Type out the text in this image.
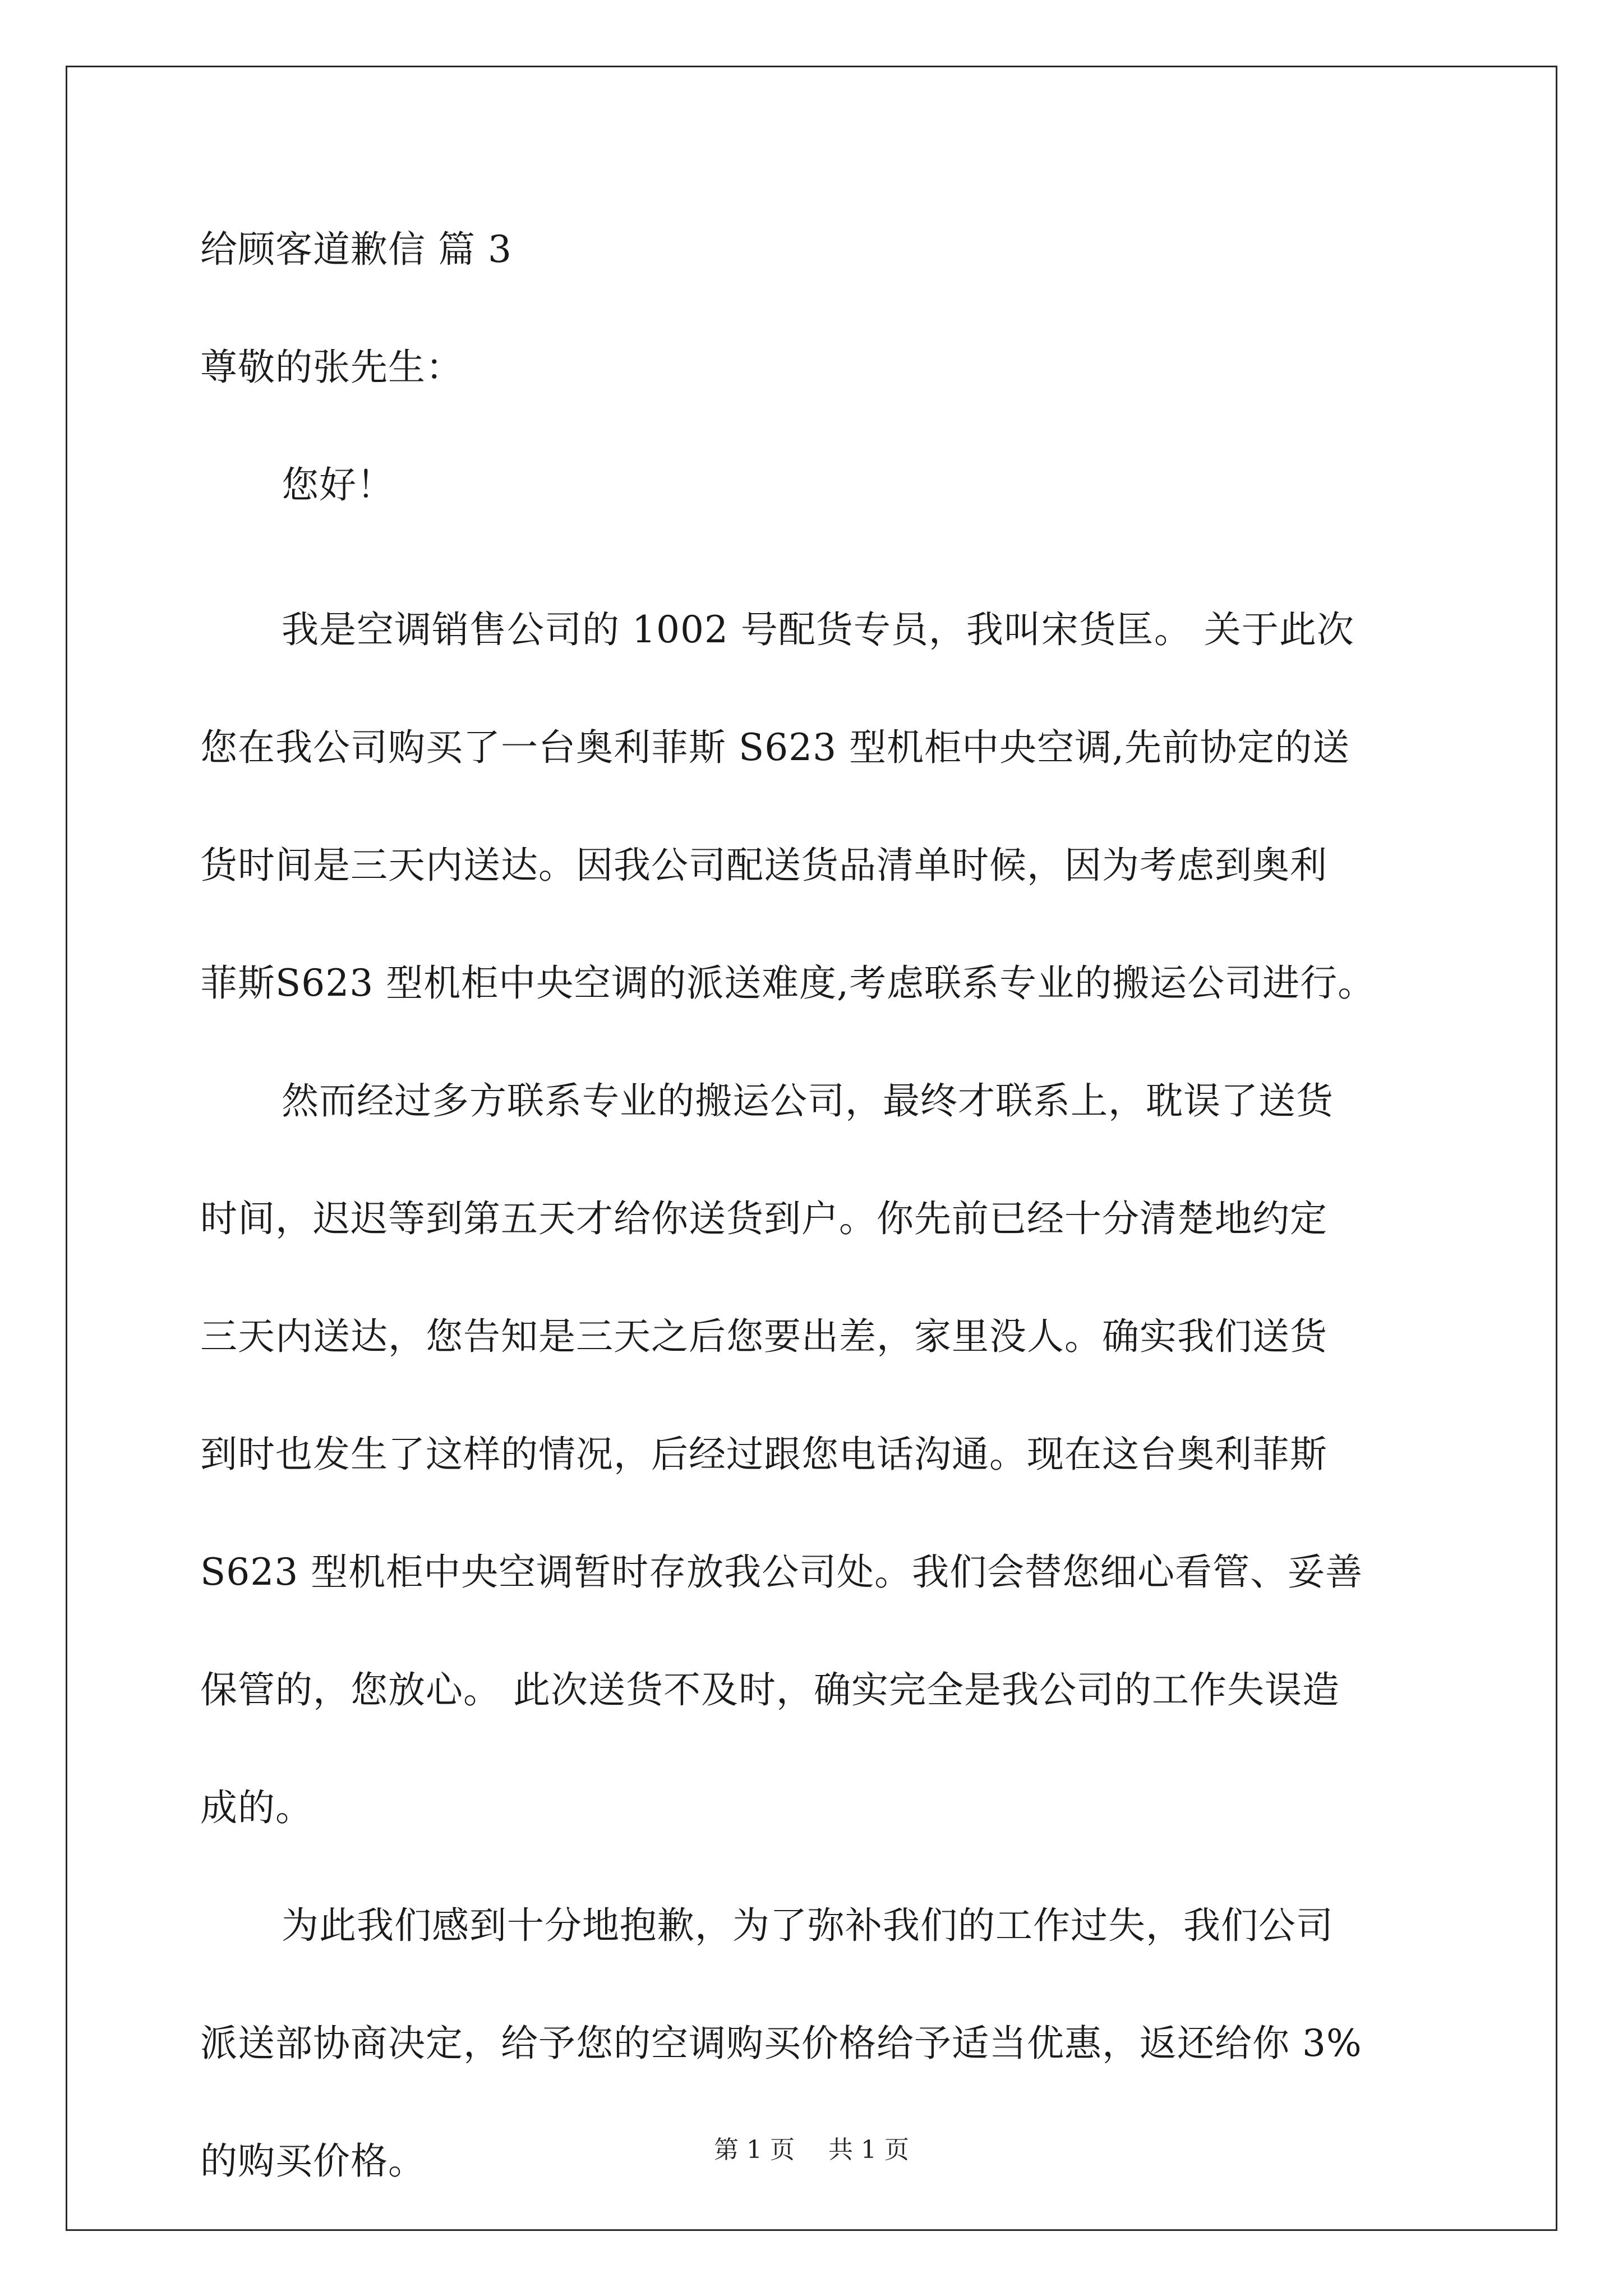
给顾客道歉信 篇 3

尊敬的张先生：

您好！

我是空调销售公司的 1002 号配货专员，我叫宋货匡。 关于此次

您在我公司购买了一台奥利菲斯 S623 型机柜中央空调,先前协定的送

货时间是三天内送达。因我公司配送货品清单时候，因为考虑到奥利

菲斯S623 型机柜中央空调的派送难度,考虑联系专业的搬运公司进行。

然而经过多方联系专业的搬运公司，最终才联系上，耽误了送货

时间，迟迟等到第五天才给你送货到户。你先前已经十分清楚地约定

三天内送达，您告知是三天之后您要出差，家里没人。确实我们送货

到时也发生了这样的情况，后经过跟您电话沟通。现在这台奥利菲斯

S623 型机柜中央空调暂时存放我公司处。我们会替您细心看管、妥善

保管的，您放心。 此次送货不及时，确实完全是我公司的工作失误造

成的。

为此我们感到十分地抱歉，为了弥补我们的工作过失，我们公司

派送部协商决定，给予您的空调购买价格给予适当优惠，返还给你 3%

的购买价格。	第 1 页 共 1 页
